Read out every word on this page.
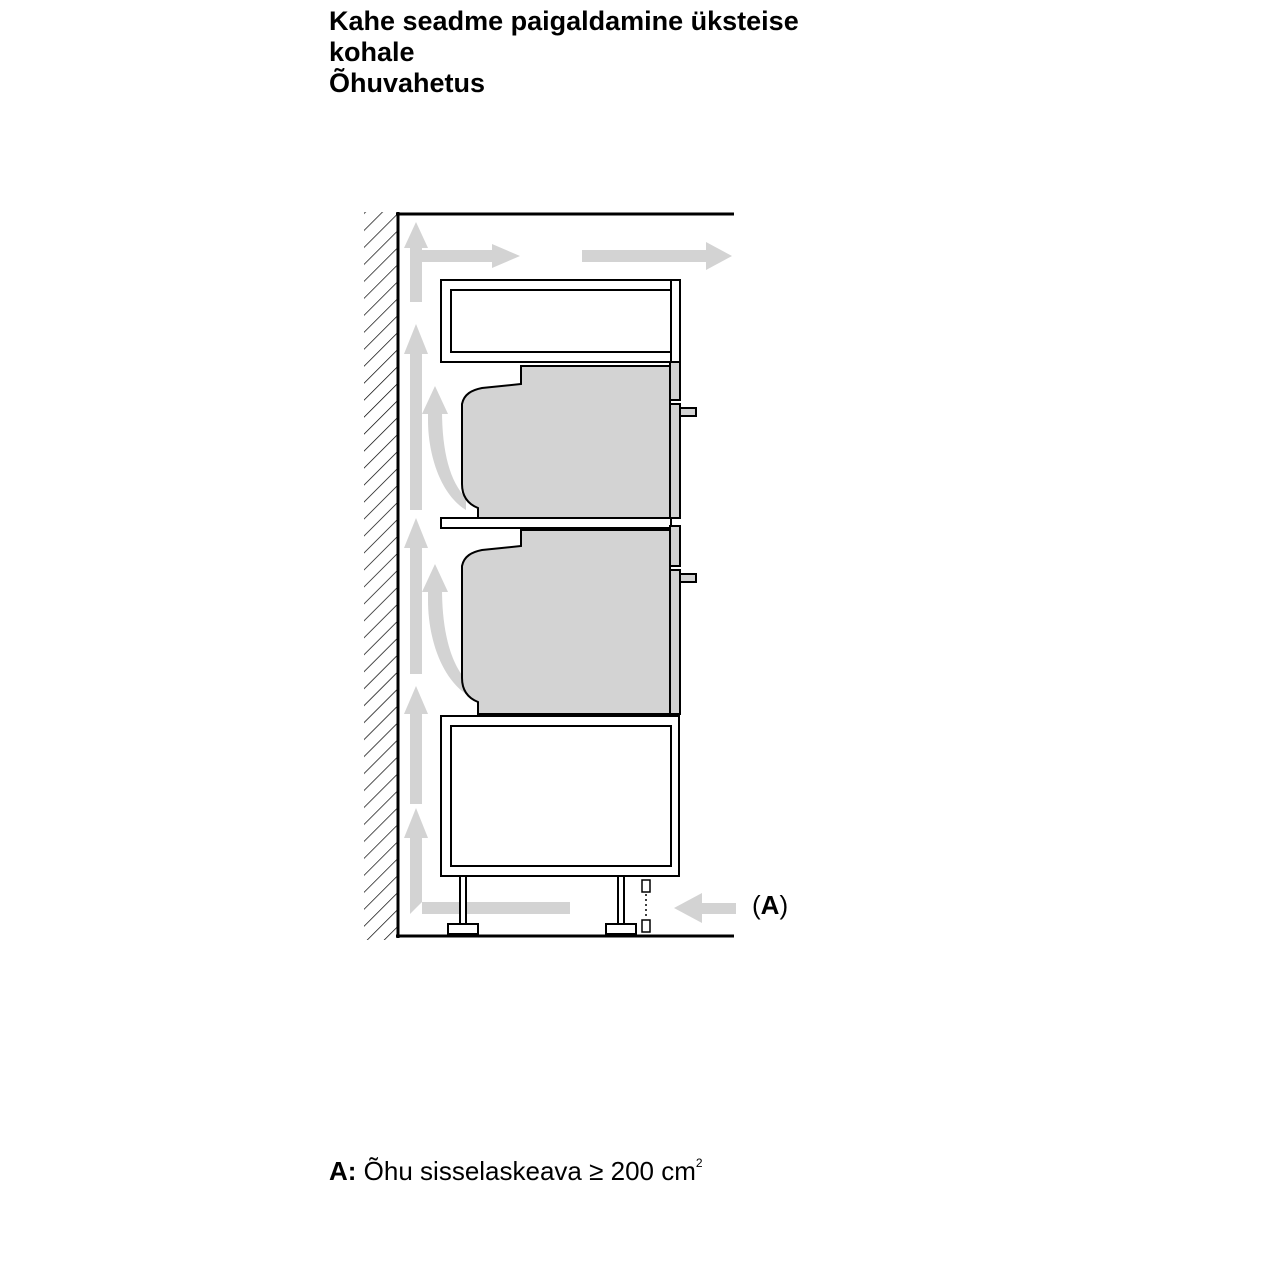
Kahe seadme paigaldamine üksteise
kohale
Õhuvahetus
(A)
A: Õhu sisselaskeava ≥ 200 $cm^2$
